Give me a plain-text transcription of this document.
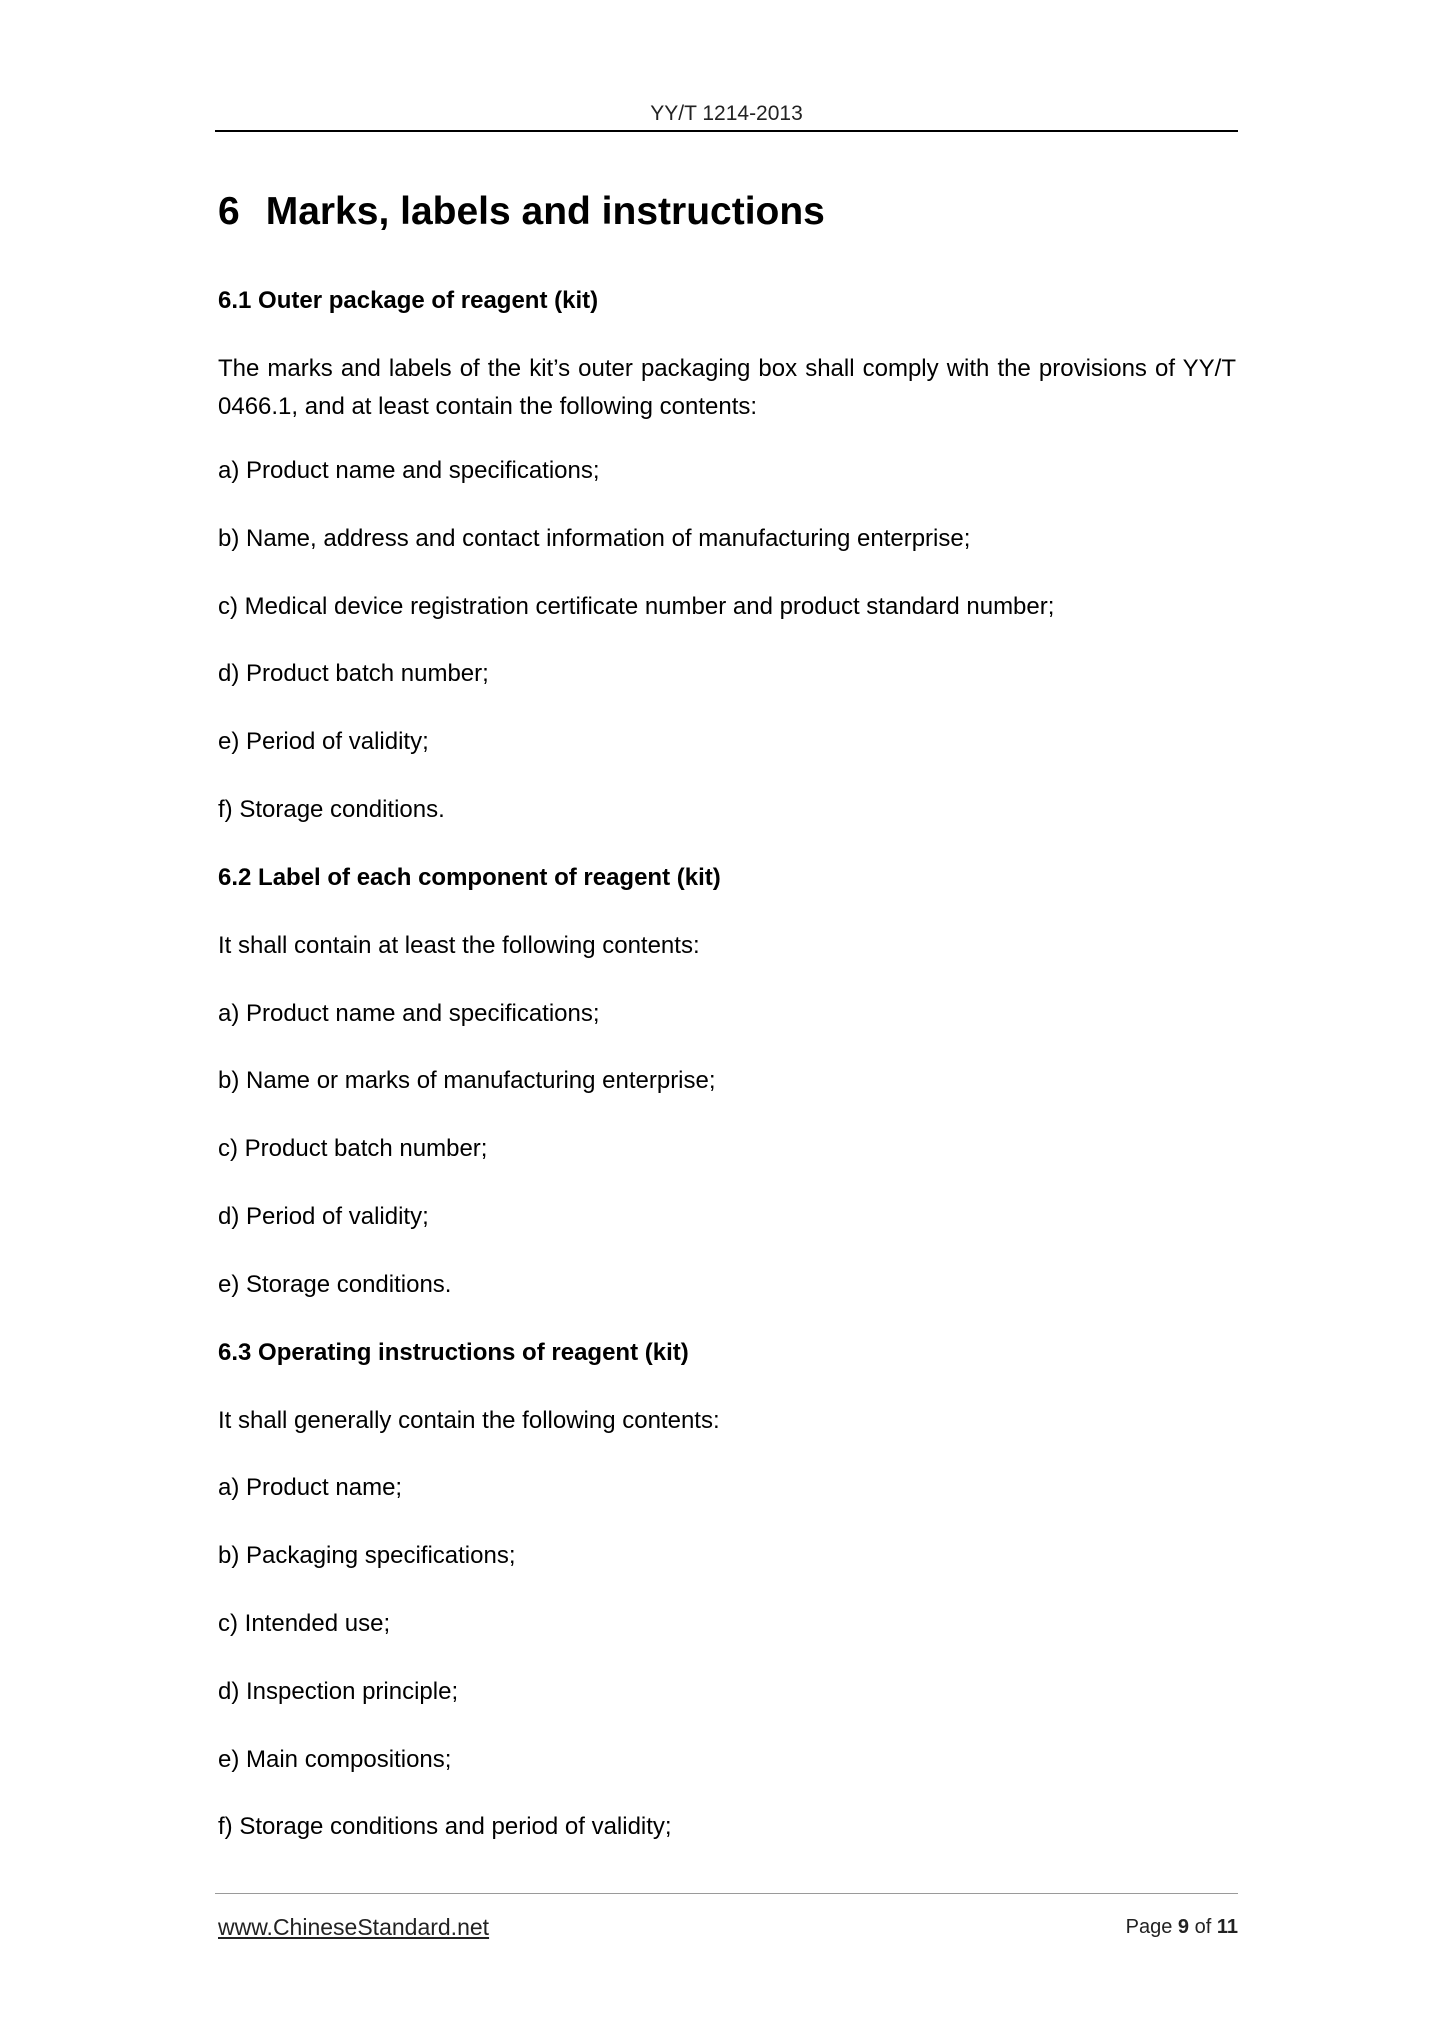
YY/T 1214-2013
6 Marks, labels and instructions
6.1 Outer package of reagent (kit)
The marks and labels of the kit’s outer packaging box shall comply with the provisions of YY/T 0466.1, and at least contain the following contents:
a) Product name and specifications;
b) Name, address and contact information of manufacturing enterprise;
c) Medical device registration certificate number and product standard number;
d) Product batch number;
e) Period of validity;
f) Storage conditions.
6.2 Label of each component of reagent (kit)
It shall contain at least the following contents:
a) Product name and specifications;
b) Name or marks of manufacturing enterprise;
c) Product batch number;
d) Period of validity;
e) Storage conditions.
6.3 Operating instructions of reagent (kit)
It shall generally contain the following contents:
a) Product name;
b) Packaging specifications;
c) Intended use;
d) Inspection principle;
e) Main compositions;
f) Storage conditions and period of validity;
www.ChineseStandard.net	Page 9 of 11
